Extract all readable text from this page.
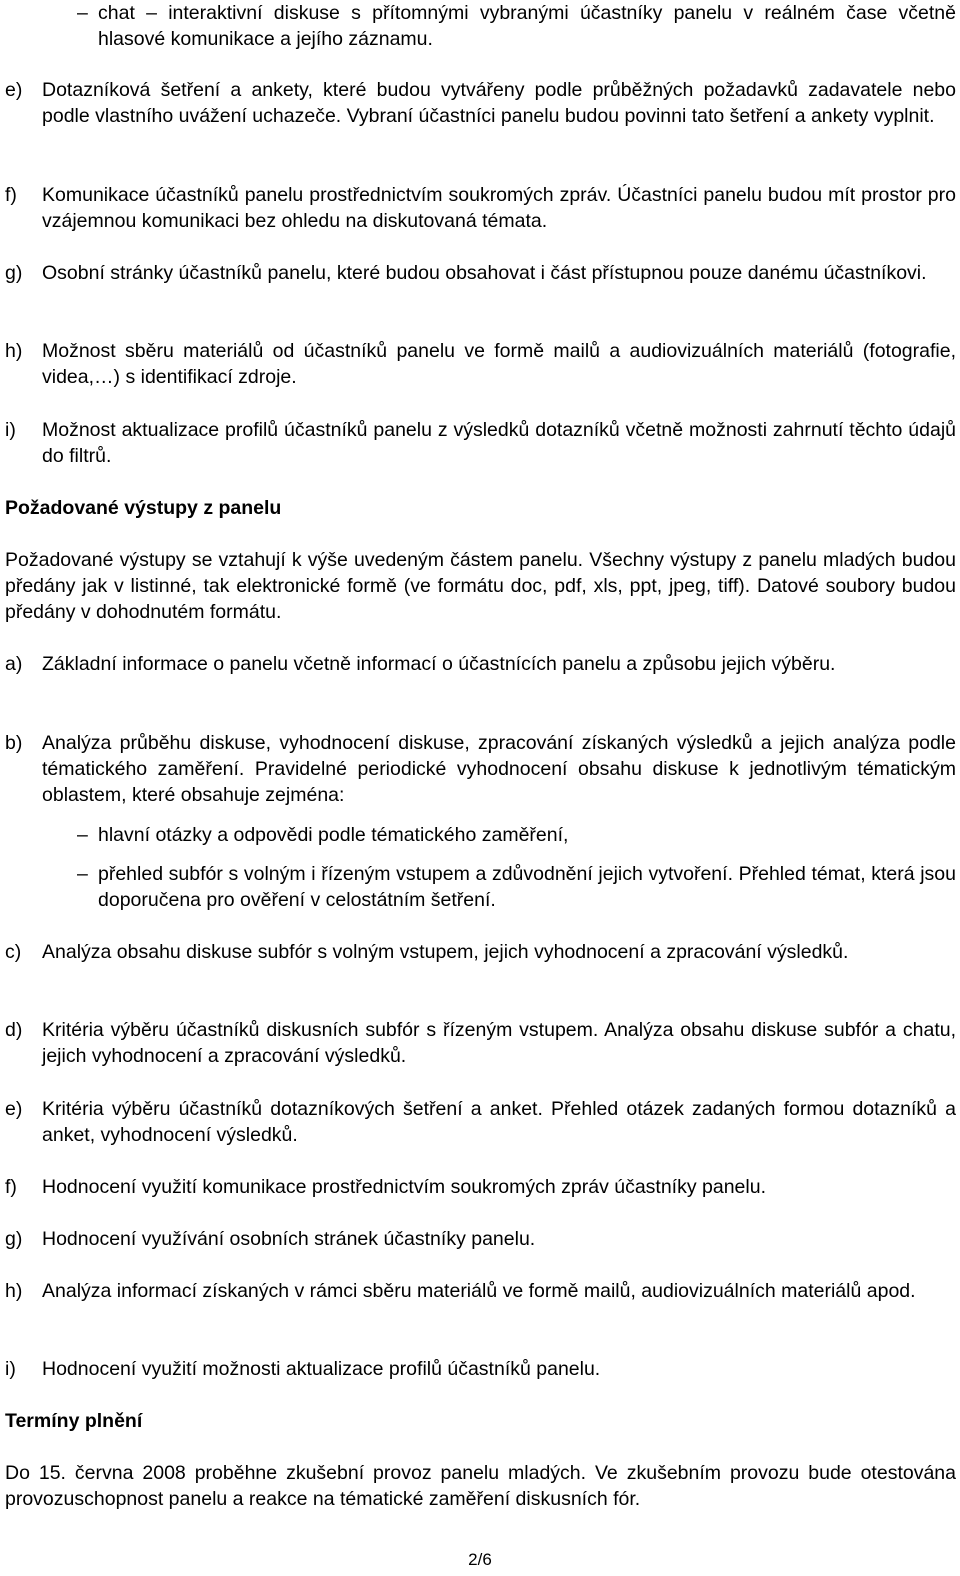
– chat – interaktivní diskuse s přítomnými vybranými účastníky panelu v reálném čase včetně hlasové komunikace a jejího záznamu.

e) Dotazníková šetření a ankety, které budou vytvářeny podle průběžných požadavků zadavatele nebo podle vlastního uvážení uchazeče. Vybraní účastníci panelu budou povinni tato šetření a ankety vyplnit.

f) Komunikace účastníků panelu prostřednictvím soukromých zpráv. Účastníci panelu budou mít prostor pro vzájemnou komunikaci bez ohledu na diskutovaná témata.

g) Osobní stránky účastníků panelu, které budou obsahovat i část přístupnou pouze danému účastníkovi.

h) Možnost sběru materiálů od účastníků panelu ve formě mailů a audiovizuálních materiálů (fotografie, videa,…) s identifikací zdroje.

i) Možnost aktualizace profilů účastníků panelu z výsledků dotazníků včetně možnosti zahrnutí těchto údajů do filtrů.

Požadované výstupy z panelu

Požadované výstupy se vztahují k výše uvedeným částem panelu. Všechny výstupy z panelu mladých budou předány jak v listinné, tak elektronické formě (ve formátu doc, pdf, xls, ppt, jpeg, tiff). Datové soubory budou předány v dohodnutém formátu.

a) Základní informace o panelu včetně informací o účastnících panelu a způsobu jejich výběru.

b) Analýza průběhu diskuse, vyhodnocení diskuse, zpracování získaných výsledků a jejich analýza podle tématického zaměření. Pravidelné periodické vyhodnocení obsahu diskuse k jednotlivým tématickým oblastem, které obsahuje zejména:

– hlavní otázky a odpovědi podle tématického zaměření,

– přehled subfór s volným i řízeným vstupem a zdůvodnění jejich vytvoření. Přehled témat, která jsou doporučena pro ověření v celostátním šetření.

c) Analýza obsahu diskuse subfór s volným vstupem, jejich vyhodnocení a zpracování výsledků.

d) Kritéria výběru účastníků diskusních subfór s řízeným vstupem. Analýza obsahu diskuse subfór a chatu, jejich vyhodnocení a zpracování výsledků.

e) Kritéria výběru účastníků dotazníkových šetření a anket. Přehled otázek zadaných formou dotazníků a anket, vyhodnocení výsledků.

f) Hodnocení využití komunikace prostřednictvím soukromých zpráv účastníky panelu.

g) Hodnocení využívání osobních stránek účastníky panelu.

h) Analýza informací získaných v rámci sběru materiálů ve formě mailů, audiovizuálních materiálů apod.

i) Hodnocení využití možnosti aktualizace profilů účastníků panelu.

Termíny plnění

Do 15. června 2008 proběhne zkušební provoz panelu mladých. Ve zkušebním provozu bude otestována provozuschopnost panelu a reakce na tématické zaměření diskusních fór.

2/6
